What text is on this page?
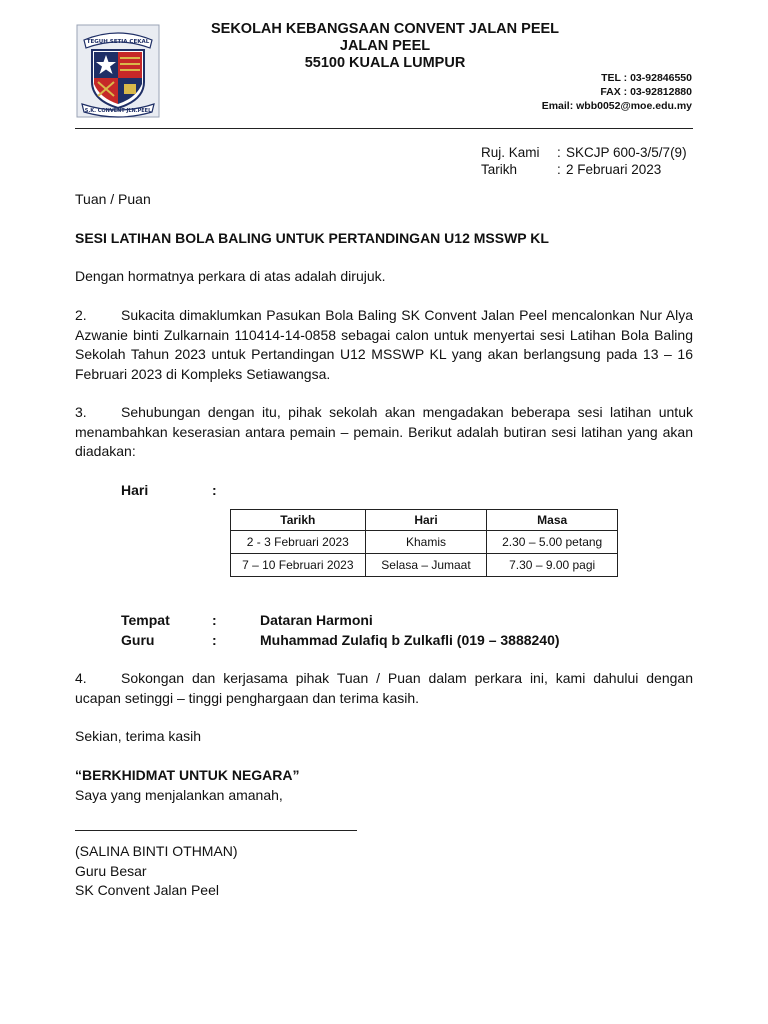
TEGUH SETIA CEKAL
S.K. CONVENT JLN.PEEL
SEKOLAH KEBANGSAAN CONVENT JALAN PEEL
JALAN PEEL
55100 KUALA LUMPUR
TEL : 03-92846550
FAX : 03-92812880
Email: wbb0052@moe.edu.my
Ruj. Kami : SKCJP 600-3/5/7(9)
Tarikh	: 2 Februari 2023
Tuan / Puan
SESI LATIHAN BOLA BALING UNTUK PERTANDINGAN U12 MSSWP KL
Dengan hormatnya perkara di atas adalah dirujuk.
2. Sukacita dimaklumkan Pasukan Bola Baling SK Convent Jalan Peel mencalonkan Nur Alya Azwanie binti Zulkarnain 110414-14-0858 sebagai calon untuk menyertai sesi Latihan Bola Baling Sekolah Tahun 2023 untuk Pertandingan U12 MSSWP KL yang akan berlangsung pada 13 – 16 Februari 2023 di Kompleks Setiawangsa.
3. Sehubungan dengan itu, pihak sekolah akan mengadakan beberapa sesi latihan untuk menambahkan keserasian antara pemain – pemain. Berikut adalah butiran sesi latihan yang akan diadakan:
Hari	:
Tarikh	Hari	Masa
2 - 3 Februari 2023	Khamis	2.30 – 5.00 petang
7 – 10 Februari 2023	Selasa – Jumaat	7.30 – 9.00 pagi
Tempat	:	Dataran Harmoni
Guru	:	Muhammad Zulafiq b Zulkafli (019 – 3888240)
4. Sokongan dan kerjasama pihak Tuan / Puan dalam perkara ini, kami dahului dengan ucapan setinggi – tinggi penghargaan dan terima kasih.
Sekian, terima kasih
“BERKHIDMAT UNTUK NEGARA”
Saya yang menjalankan amanah,
(SALINA BINTI OTHMAN)
Guru Besar
SK Convent Jalan Peel
